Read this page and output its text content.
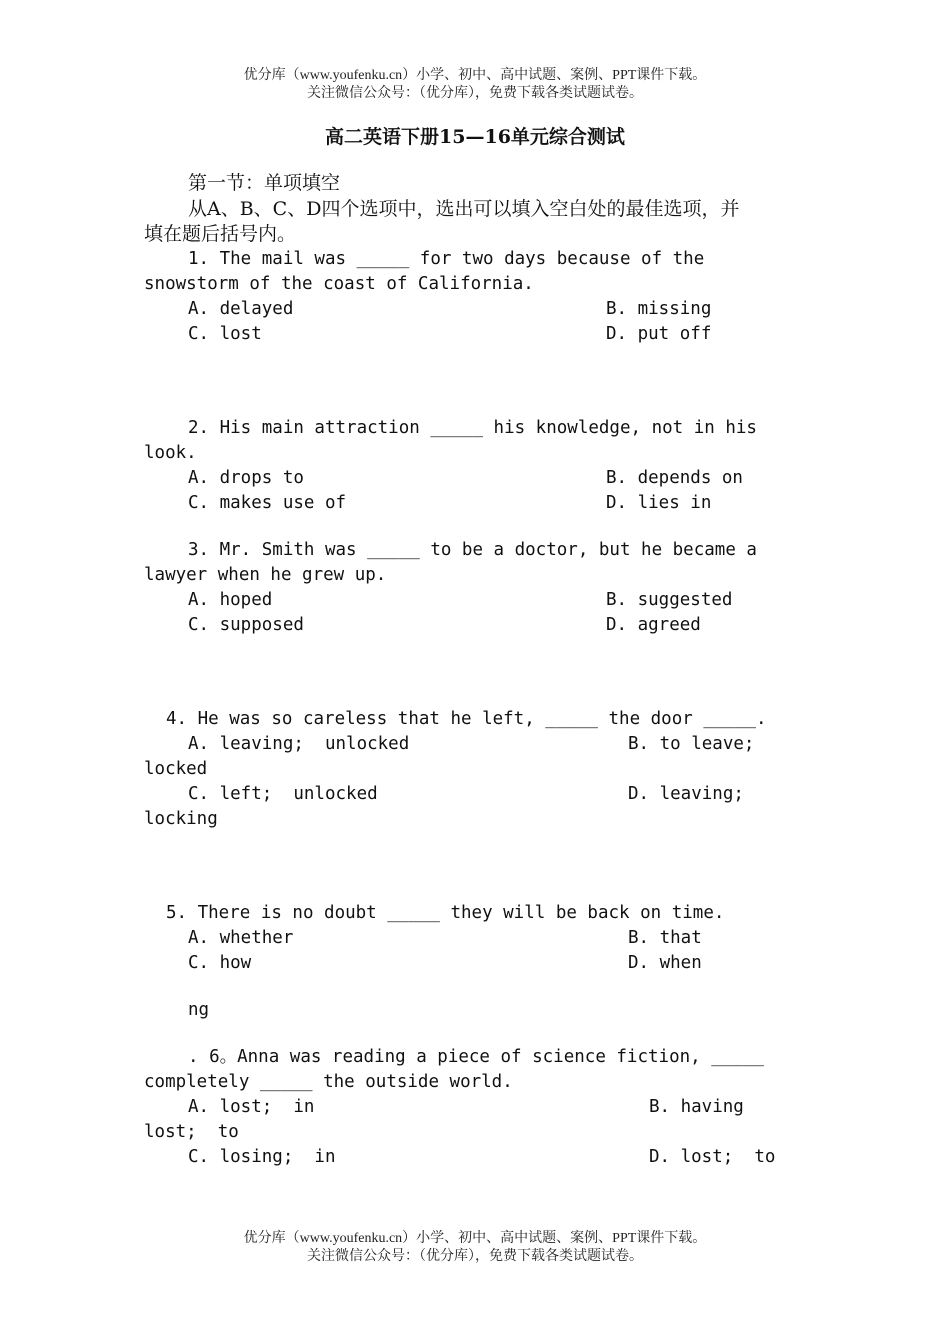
优分库（www.youfenku.cn）小学、初中、高中试题、案例、PPT课件下载。
关注微信公众号：（优分库），免费下载各类试题试卷。
高二英语下册15—16单元综合测试
第一节：单项填空
从A、B、C、D四个选项中，选出可以填入空白处的最佳选项，并
填在题后括号内。
1. The mail was _____ for two days because of the
snowstorm of the coast of California.
A. delayed	B. missing
C. lost	D. put off
2. His main attraction _____ his knowledge, not in his
look.
A. drops to	B. depends on
C. makes use of	D. lies in
3. Mr. Smith was _____ to be a doctor, but he became a
lawyer when he grew up.
A. hoped	B. suggested
C. supposed	D. agreed
4. He was so careless that he left, _____ the door _____.
A. leaving;  unlocked	B. to leave;
locked
C. left;  unlocked	D. leaving;
locking
5. There is no doubt _____ they will be back on time.
A. whether	B. that
C. how	D. when
ng
. 6。Anna was reading a piece of science fiction, _____
completely _____ the outside world.
A. lost;  in	B. having
lost;  to
C. losing;  in	D. lost;  to
优分库（www.youfenku.cn）小学、初中、高中试题、案例、PPT课件下载。
关注微信公众号：（优分库），免费下载各类试题试卷。
